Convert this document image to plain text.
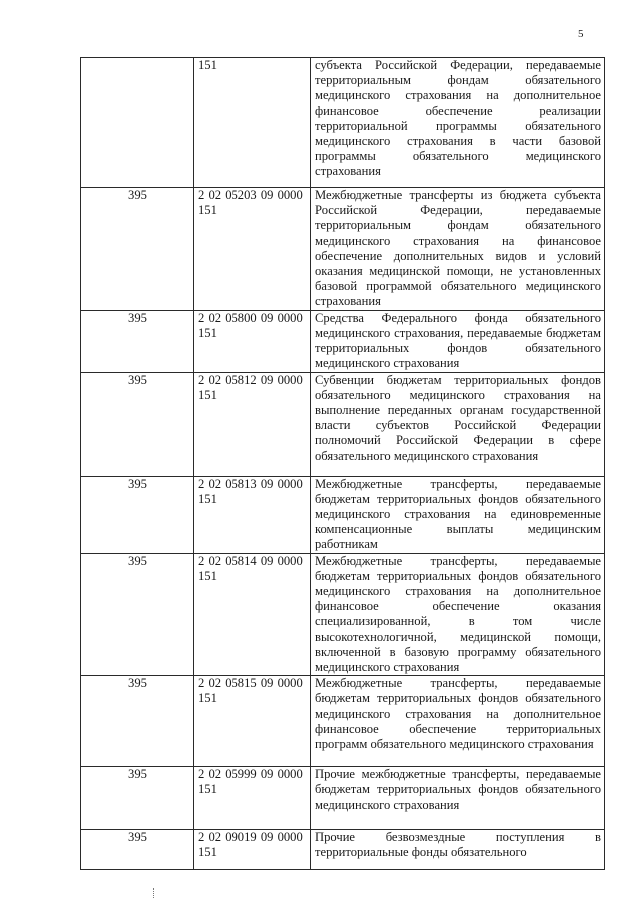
5
	151	субъекта Российской Федерации, передаваемые территориальным фондам обязательного медицинского страхования на дополнительное финансовое обеспечение реализации территориальной программы обязательного медицинского страхования в части базовой программы обязательного медицинского страхования
395	2 02 05203 09 0000 151	Межбюджетные трансферты из бюджета субъекта Российской Федерации, передаваемые территориальным фондам обязательного медицинского страхования на финансовое обеспечение дополнительных видов и условий оказания медицинской помощи, не установленных базовой программой обязательного медицинского страхования
395	2 02 05800 09 0000 151	Средства Федерального фонда обязательного медицинского страхования, передаваемые бюджетам территориальных фондов обязательного медицинского страхования
395	2 02 05812 09 0000 151	Субвенции бюджетам территориальных фондов обязательного медицинского страхования на выполнение переданных органам государственной власти субъектов Российской Федерации полномочий Российской Федерации в сфере обязательного медицинского страхования
395	2 02 05813 09 0000 151	Межбюджетные трансферты, передаваемые бюджетам территориальных фондов обязательного медицинского страхования на единовременные компенсационные выплаты медицинским работникам
395	2 02 05814 09 0000 151	Межбюджетные трансферты, передаваемые бюджетам территориальных фондов обязательного медицинского страхования на дополнительное финансовое обеспечение оказания специализированной, в том числе высокотехнологичной, медицинской помощи, включенной в базовую программу обязательного медицинского страхования
395	2 02 05815 09 0000 151	Межбюджетные трансферты, передаваемые бюджетам территориальных фондов обязательного медицинского страхования на дополнительное финансовое обеспечение территориальных программ обязательного медицинского страхования
395	2 02 05999 09 0000 151	Прочие межбюджетные трансферты, передаваемые бюджетам территориальных фондов обязательного медицинского страхования
395	2 02 09019 09 0000 151	Прочие безвозмездные поступления в территориальные фонды обязательного
